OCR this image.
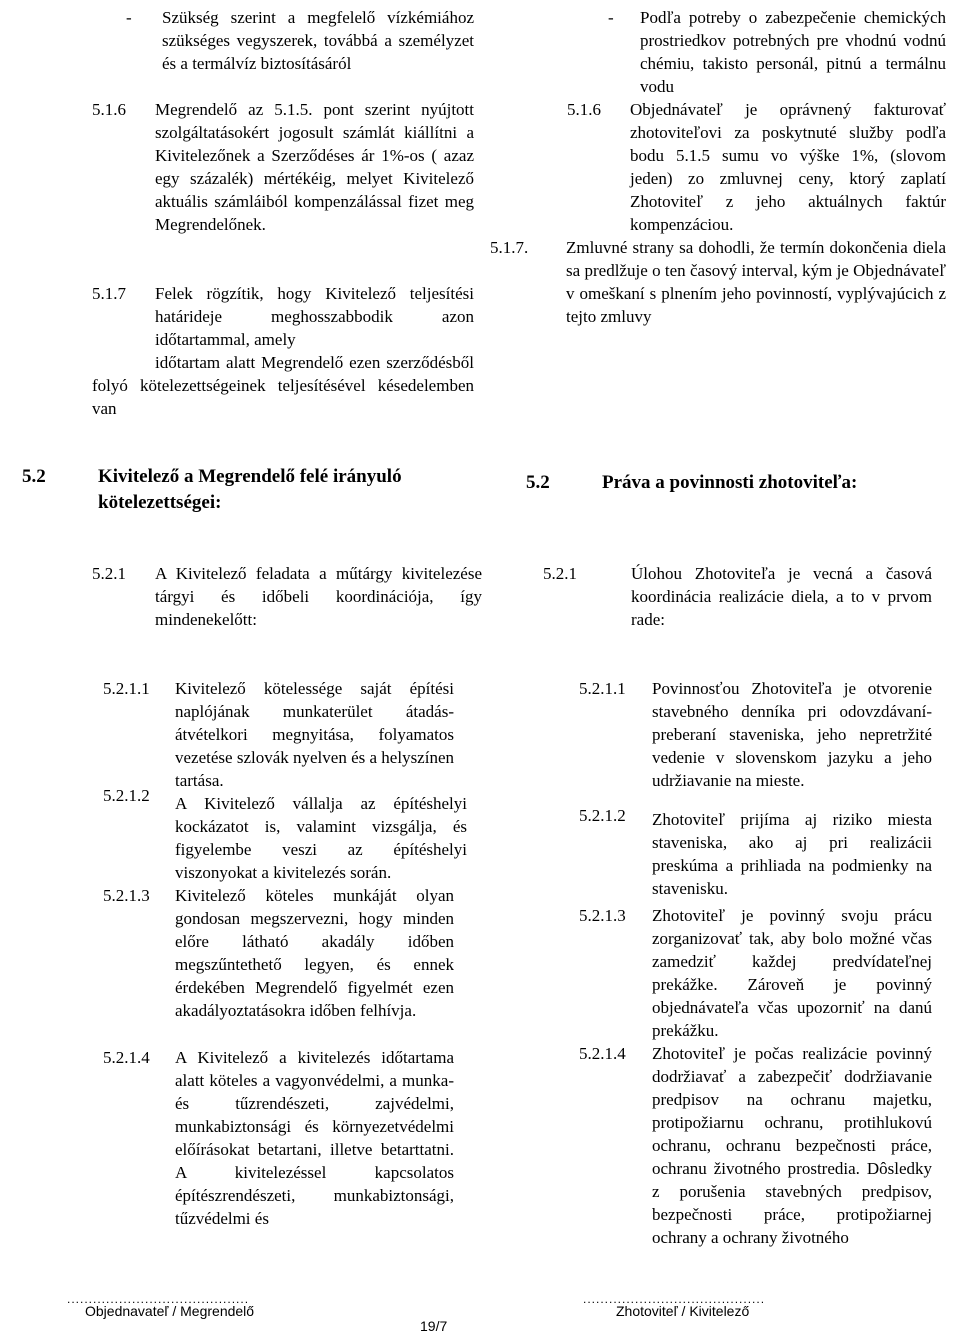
- Szükség szerint a megfelelő vízkémiához szükséges vegyszerek, továbbá a személyzet és a termálvíz biztosításáról
5.1.6 Megrendelő az 5.1.5. pont szerint nyújtott szolgáltatásokért jogosult számlát kiállítni a Kivitelezőnek a Szerződéses ár 1%-os ( azaz egy százalék) mértékéig, melyet Kivitelező aktuális számláiból kompenzálással fizet meg Megrendelőnek.
5.1.7 Felek rögzítik, hogy Kivitelező teljesítési határideje meghosszabbodik azon időtartammal, amely
időtartam alatt Megrendelő ezen szerződésből folyó kötelezettségeinek teljesítésével késedelemben van
5.2	Kivitelező a Megrendelő felé irányuló kötelezettségei:
5.2.1 A Kivitelező feladata a műtárgy kivitelezése tárgyi és időbeli koordinációja, így mindenekelőtt:
5.2.1.1 Kivitelező kötelessége saját építési naplójának munkaterület átadás-átvételkori megnyitása, folyamatos vezetése szlovák nyelven és a helyszínen tartása.
5.2.1.2 A Kivitelező vállalja az építéshelyi kockázatot is, valamint vizsgálja, és figyelembe veszi az építéshelyi viszonyokat a kivitelezés során.
5.2.1.3 Kivitelező köteles munkáját olyan gondosan megszervezni, hogy minden előre látható akadály időben megszűntethető legyen, és ennek érdekében Megrendelő figyelmét ezen akadályoztatásokra időben felhívja.
5.2.1.4 A Kivitelező a kivitelezés időtartama alatt köteles a vagyonvédelmi, a munka- és tűzrendészeti, zajvédelmi, munkabiztonsági és környezetvédelmi előírásokat betartani, illetve betarttatni. A kivitelezéssel kapcsolatos építészrendészeti, munkabiztonsági, tűzvédelmi és
- Podľa potreby o zabezpečenie chemických prostriedkov potrebných pre vhodnú vodnú chémiu, takisto personál, pitnú a termálnu vodu
5.1.6 Objednávateľ je oprávnený fakturovať zhotoviteľovi za poskytnuté služby podľa bodu 5.1.5 sumu vo výške 1%, (slovom jeden) zo zmluvnej ceny, ktorý zaplatí Zhotoviteľ z jeho aktuálnych faktúr kompenzáciou.
5.1.7. Zmluvné strany sa dohodli, že termín dokončenia diela sa predlžuje o ten časový interval, kým je Objednávateľ v omeškaní s plnením jeho povinností, vyplývajúcich z tejto zmluvy
5.2	Práva a povinnosti zhotoviteľa:
5.2.1	Úlohou Zhotoviteľa je vecná a časová koordinácia realizácie diela, a to v prvom rade:
5.2.1.1 Povinnosťou Zhotoviteľa je otvorenie stavebného denníka pri odovzdávaní-preberaní staveniska, jeho nepretržité vedenie v slovenskom jazyku a jeho udržiavanie na mieste.
5.2.1.2 Zhotoviteľ prijíma aj riziko miesta staveniska, ako aj pri realizácii preskúma a prihliada na podmienky na stavenisku.
5.2.1.3 Zhotoviteľ je povinný svoju prácu zorganizovať tak, aby bolo možné včas zamedziť každej predvídateľnej prekážke. Zároveň je povinný objednávateľa včas upozorniť na danú prekážku.
5.2.1.4 Zhotoviteľ je počas realizácie povinný dodržiavať a zabezpečiť dodržiavanie predpisov na ochranu majetku, protipožiarnu ochranu, protihlukovú ochranu, ochranu bezpečnosti práce, ochranu životného prostredia. Dôsledky z porušenia stavebných predpisov, bezpečnosti práce, protipožiarnej ochrany a ochrany životného
..........................................
Objednavateľ / Megrendelő
..........................................
Zhotoviteľ / Kivitelező
19/7
